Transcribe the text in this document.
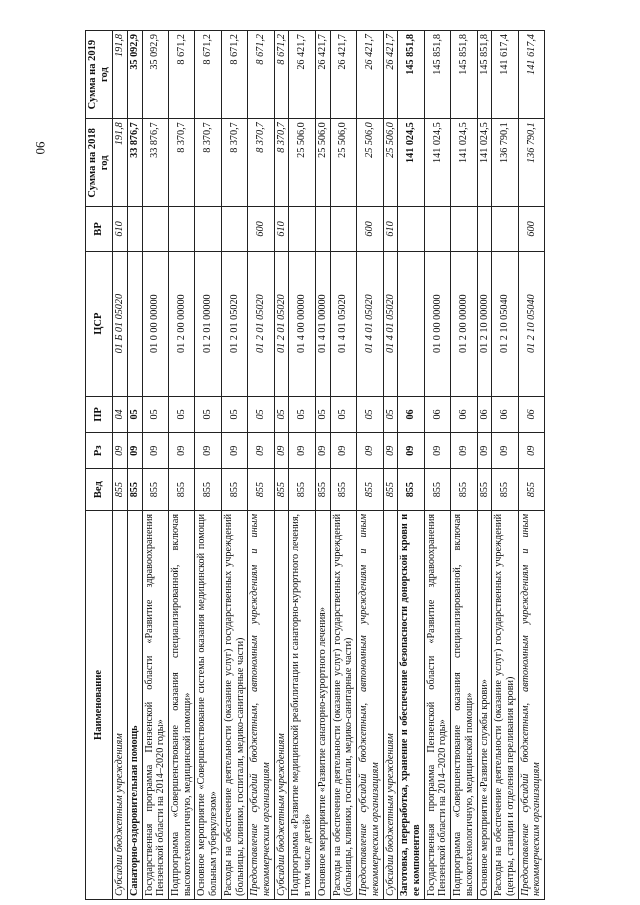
90
Наименование	Вед	Рз	ПР	ЦСР	ВР	Сумма на 2018 год	Сумма на 2019 год
Субсидии бюджетным учреждениям	855	09	04	01 Б 01 05020	610	191,8	191,8
Санаторно-оздоровительная помощь	855	09	05			33 876,7	35 092,9
Государственная программа Пензенской области «Развитие здравоохранения Пензенской области на 2014–2020 годы»	855	09	05	01 0 00 00000		33 876,7	35 092,9
Подпрограмма «Совершенствование оказания специализированной, включая высокотехнологичную, медицинской помощи»	855	09	05	01 2 00 00000		8 370,7	8 671,2
Основное мероприятие «Совершенствование системы оказания медицинской помощи больным туберкулезом»	855	09	05	01 2 01 00000		8 370,7	8 671,2
Расходы на обеспечение деятельности (оказание услуг) государственных учреждений (больницы, клиники, госпитали, медико-санитарные части)	855	09	05	01 2 01 05020		8 370,7	8 671,2
Предоставление субсидий бюджетным, автономным учреждениям и иным некоммерческим организациям	855	09	05	01 2 01 05020	600	8 370,7	8 671,2
Субсидии бюджетным учреждениям	855	09	05	01 2 01 05020	610	8 370,7	8 671,2
Подпрограмма «Развитие медицинской реабилитации и санаторно-курортного лечения, в том числе детей»	855	09	05	01 4 00 00000		25 506,0	26 421,7
Основное мероприятие «Развитие санаторно-курортного лечения»	855	09	05	01 4 01 00000		25 506,0	26 421,7
Расходы на обеспечение деятельности (оказание услуг) государственных учреждений (больницы, клиники, госпитали, медико-санитарные части)	855	09	05	01 4 01 05020		25 506,0	26 421,7
Предоставление субсидий бюджетным, автономным учреждениям и иным некоммерческим организациям	855	09	05	01 4 01 05020	600	25 506,0	26 421,7
Субсидии бюджетным учреждениям	855	09	05	01 4 01 05020	610	25 506,0	26 421,7
Заготовка, переработка, хранение и обеспечение безопасности донорской крови и ее компонентов	855	09	06			141 024,5	145 851,8
Государственная программа Пензенской области «Развитие здравоохранения Пензенской области на 2014–2020 годы»	855	09	06	01 0 00 00000		141 024,5	145 851,8
Подпрограмма «Совершенствование оказания специализированной, включая высокотехнологичную, медицинской помощи»	855	09	06	01 2 00 00000		141 024,5	145 851,8
Основное мероприятие «Развитие службы крови»	855	09	06	01 2 10 00000		141 024,5	145 851,8
Расходы на обеспечение деятельности (оказание услуг) государственных учреждений (центры, станции и отделения переливания крови)	855	09	06	01 2 10 05040		136 790,1	141 617,4
Предоставление субсидий бюджетным, автономным учреждениям и иным некоммерческим организациям	855	09	06	01 2 10 05040	600	136 790,1	141 617,4
